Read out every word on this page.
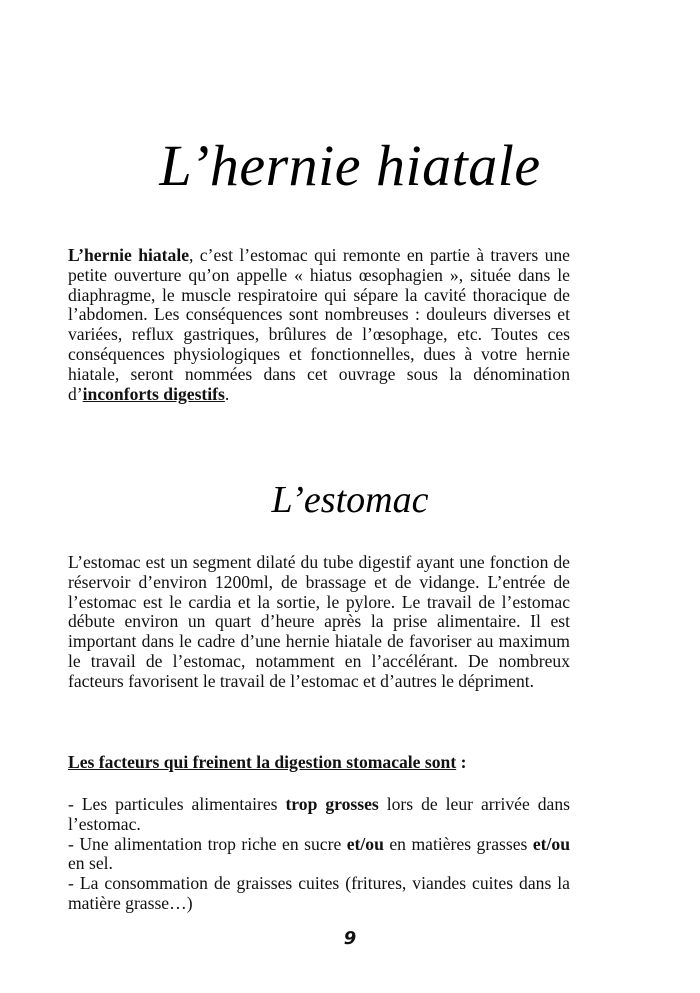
L’hernie hiatale
L’hernie hiatale, c’est l’estomac qui remonte en partie à travers une petite ouverture qu’on appelle « hiatus œsophagien », située dans le diaphragme, le muscle respiratoire qui sépare la cavité thoracique de l’abdomen. Les conséquences sont nombreuses : douleurs diverses et variées, reflux gastriques, brûlures de l’œsophage, etc. Toutes ces conséquences physiologiques et fonctionnelles, dues à votre hernie hiatale, seront nommées dans cet ouvrage sous la dénomination d’inconforts digestifs.
L’estomac
L’estomac est un segment dilaté du tube digestif ayant une fonction de réservoir d’environ 1200ml, de brassage et de vidange. L’entrée de l’estomac est le cardia et la sortie, le pylore. Le travail de l’estomac débute environ un quart d’heure après la prise alimentaire. Il est important dans le cadre d’une hernie hiatale de favoriser au maximum le travail de l’estomac, notamment en l’accélérant. De nombreux facteurs favorisent le travail de l’estomac et d’autres le dépriment.
Les facteurs qui freinent la digestion stomacale sont :
- Les particules alimentaires trop grosses lors de leur arrivée dans l’estomac.
- Une alimentation trop riche en sucre et/ou en matières grasses et/ou en sel.
- La consommation de graisses cuites (fritures, viandes cuites dans la matière grasse…)
9
